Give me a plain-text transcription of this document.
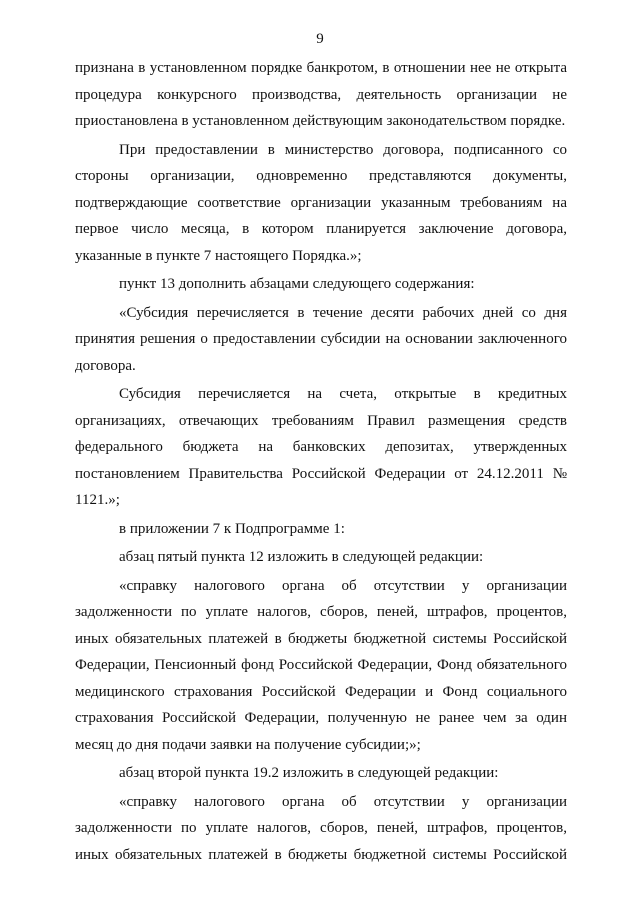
9

признана в установленном порядке банкротом, в отношении нее не открыта процедура конкурсного производства, деятельность организации не приостановлена в установленном действующим законодательством порядке.

При предоставлении в министерство договора, подписанного со стороны организации, одновременно представляются документы, подтверждающие соответствие организации указанным требованиям на первое число месяца, в котором планируется заключение договора, указанные в пункте 7 настоящего Порядка.»;

пункт 13 дополнить абзацами следующего содержания:

«Субсидия перечисляется в течение десяти рабочих дней со дня принятия решения о предоставлении субсидии на основании заключенного договора.

Субсидия перечисляется на счета, открытые в кредитных организациях, отвечающих требованиям Правил размещения средств федерального бюджета на банковских депозитах, утвержденных постановлением Правительства Российской Федерации от 24.12.2011 № 1121.»;

в приложении 7 к Подпрограмме 1:

абзац пятый пункта 12 изложить в следующей редакции:

«справку налогового органа об отсутствии у организации задолженности по уплате налогов, сборов, пеней, штрафов, процентов, иных обязательных платежей в бюджеты бюджетной системы Российской Федерации, Пенсионный фонд Российской Федерации, Фонд обязательного медицинского страхования Российской Федерации и Фонд социального страхования Российской Федерации, полученную не ранее чем за один месяц до дня подачи заявки на получение субсидии;»;

абзац второй пункта 19.2 изложить в следующей редакции:

«справку налогового органа об отсутствии у организации задолженности по уплате налогов, сборов, пеней, штрафов, процентов, иных обязательных платежей в бюджеты бюджетной системы Российской
